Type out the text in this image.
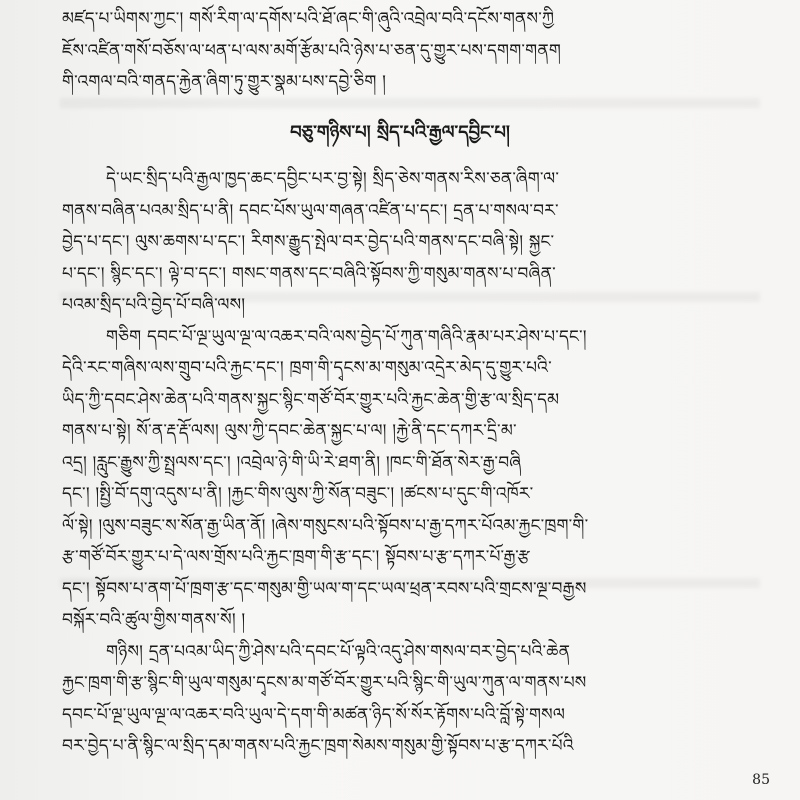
མཛད་པ་ཡིགས་ཀྱང་། གསོ་རིག་ལ་དགོས་པའི་ཐོ་ཞང་གི་ཞུའི་འབྲེལ་བའི་དངོས་གནས་ཀྱི
ཇོས་འཛིན་གསོ་བཅོས་ལ་ཕན་པ་ལས་མགོ་རྩོམ་པའི་ཉེས་པ་ཅན་དུ་གྱུར་པས་དགག་གནག
གི་འགལ་བའི་གནད་རྐྱེན་ཞིག་ཏུ་གྱུར་སྣམ་པས་དབྱེ་ཅིག །
བཅུ་གཉིས་པ། སྲིད་པའི་རྒྱལ་དབྱིང་པ།
དེ་ཡང་སྲིད་པའི་རྒྱལ་ཁྱད་ཆང་དབྱིང་པར་བྱ་སྟེ། སྲིད་ཅེས་གནས་རིས་ཅན་ཞིག་ལ་
གནས་བཞིན་པའམ་སྲིད་པ་ནི། དབང་པོས་ཡུལ་གཞན་འཛིན་པ་དང་། དྲན་པ་གསལ་བར་
བྱེད་པ་དང་། ལུས་ཆགས་པ་དང་། རིགས་རྒྱུད་སྤེལ་བར་བྱེད་པའི་གནས་དང་བཞི་སྟེ། སྐྱང་
པ་དང་། སྙིང་དང་། ལྟེ་བ་དང་། གསང་གནས་དང་བཞིའི་སྟོབས་ཀྱི་གསུམ་གནས་པ་བཞིན་
པའམ་སྲིད་པའི་བྱེད་པོ་བཞི་ལས།
གཅིག དབང་པོ་ལྔ་ཡུལ་ལྔ་ལ་འཆར་བའི་ལས་བྱེད་པོ་ཀུན་གཞིའི་རྣམ་པར་ཤེས་པ་དང་།
དེའི་རང་གཞིས་ལས་གྲུབ་པའི་རྐྱང་དང་། ཁྲག་གི་དྭངས་མ་གསུམ་འདྲེར་མེད་དུ་གྱུར་པའི་
ཡིད་ཀྱི་དབང་ཤེས་ཆེན་པའི་གནས་སྐྱང་སྙིང་གཙོ་བོར་གྱུར་པའི་རྐྱང་ཆེན་གྱི་རྩ་ལ་སྲིད་དམ
གནས་པ་སྟེ། སོ་ན་རྡ་རྡོ་ལས། ལུས་ཀྱི་དབང་ཆེན་སྐྱང་པ་ལ། །རྐྱེ་ནི་དང་དཀར་དྲི་མ་
འདྲ། །རླུང་རྒྱུས་ཀྱི་སྤྲལས་དང་། །འབྲེལ་ཉེ་གི་ཡི་རེ་ཐག་ནི། །ཁང་གི་ཐོན་སེར་རྒྱ་བཞི
དང་། །སྤྱི་བོ་དགུ་འདུས་པ་ནི། །རྐྱང་གིས་ལུས་ཀྱི་སོན་བཟུང་། །ཚངས་པ་དུང་གི་འཁོར་
ལོ་སྟེ། །ལུས་བཟུང་ས་སོན་རྒྱ་ཡིན་ནོ། །ཞེས་གསུངས་པའི་སྟོབས་པ་རྒྱ་དཀར་པོའམ་རྐྱང་ཁྲག་གི་
རྩ་གཙོ་བོར་གྱུར་པ་དེ་ལས་གྲོས་པའི་རྐྱང་ཁྲག་གི་རྩ་དང་། སྟོབས་པ་རྩ་དཀར་པོ་རྒྱ་རྩ
དང་། སྟོབས་པ་ནག་པོ་ཁྲག་རྩ་དང་གསུམ་གྱི་ཡལ་ག་དང་ཡལ་ཕྲན་རབས་པའི་གྲངས་ལྔ་བརྒྱས
བསྐོར་བའི་ཚུལ་གྱིས་གནས་སོ། །
གཉིས། དྲན་པའམ་ཡིད་ཀྱི་ཤེས་པའི་དབང་པོ་ལྟའི་འདུ་ཤེས་གསལ་བར་བྱེད་པའི་ཆེན
རྐྱང་ཁྲག་གི་རྩ་སྙིང་གི་ཡུལ་གསུམ་དྭངས་མ་གཙོ་བོར་གྱུར་པའི་སྙིང་གི་ཡུལ་ཀུན་ལ་གནས་པས
དབང་པོ་ལྔ་ཡུལ་ལྔ་ལ་འཆར་བའི་ཡུལ་དེ་དག་གི་མཚན་ཉིད་སོ་སོར་རྟོགས་པའི་བློ་སྟེ་གསལ
བར་བྱེད་པ་ནི་སྙིང་ལ་སྲིད་དམ་གནས་པའི་རྐྱང་ཁྲག་སེམས་གསུམ་གྱི་སྟོབས་པ་རྩ་དཀར་པོའི
85
